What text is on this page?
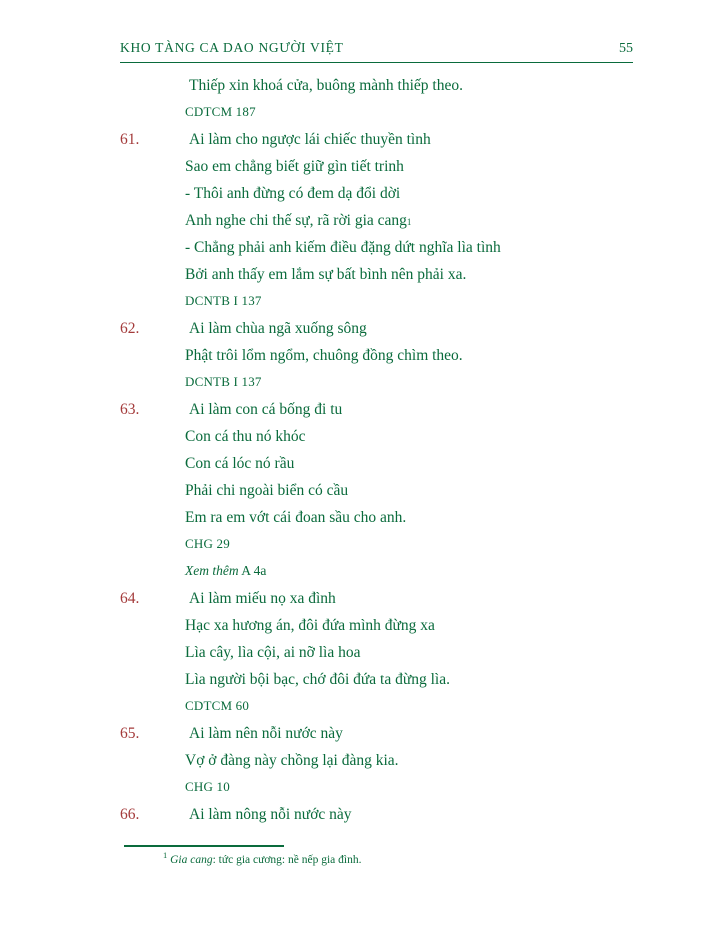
KHO TÀNG CA DAO NGƯỜI VIỆT	55
Thiếp xin khoá cửa, buông mành thiếp theo.
CDTCM 187
61.	Ai làm cho ngược lái chiếc thuyền tình
Sao em chẳng biết giữ gìn tiết trinh
- Thôi anh đừng có đem dạ đổi dời
Anh nghe chi thế sự, rã rời gia cang 1
- Chẳng phải anh kiếm điều đặng dứt nghĩa lìa tình
Bởi anh thấy em lắm sự bất bình nên phải xa.
DCNTB I 137
62.	Ai làm chùa ngã xuống sông
Phật trôi lổm ngổm, chuông đồng chìm theo.
DCNTB I 137
63.	Ai làm con cá bống đi tu
Con cá thu nó khóc
Con cá lóc nó rầu
Phải chi ngoài biển có cầu
Em ra em vớt cái đoan sầu cho anh.
CHG 29
Xem thêm A 4a
64.	Ai làm miếu nọ xa đình
Hạc xa hương án, đôi đứa mình đừng xa
Lìa cây, lìa cội, ai nỡ lìa hoa
Lìa người bội bạc, chớ đôi đứa ta đừng lìa.
CDTCM 60
65.	Ai làm nên nỗi nước này
Vợ ở đàng này chồng lại đàng kia.
CHG 10
66.	Ai làm nông nỗi nước này
$^1$ Gia cang: tức gia cương: nề nếp gia đình.
